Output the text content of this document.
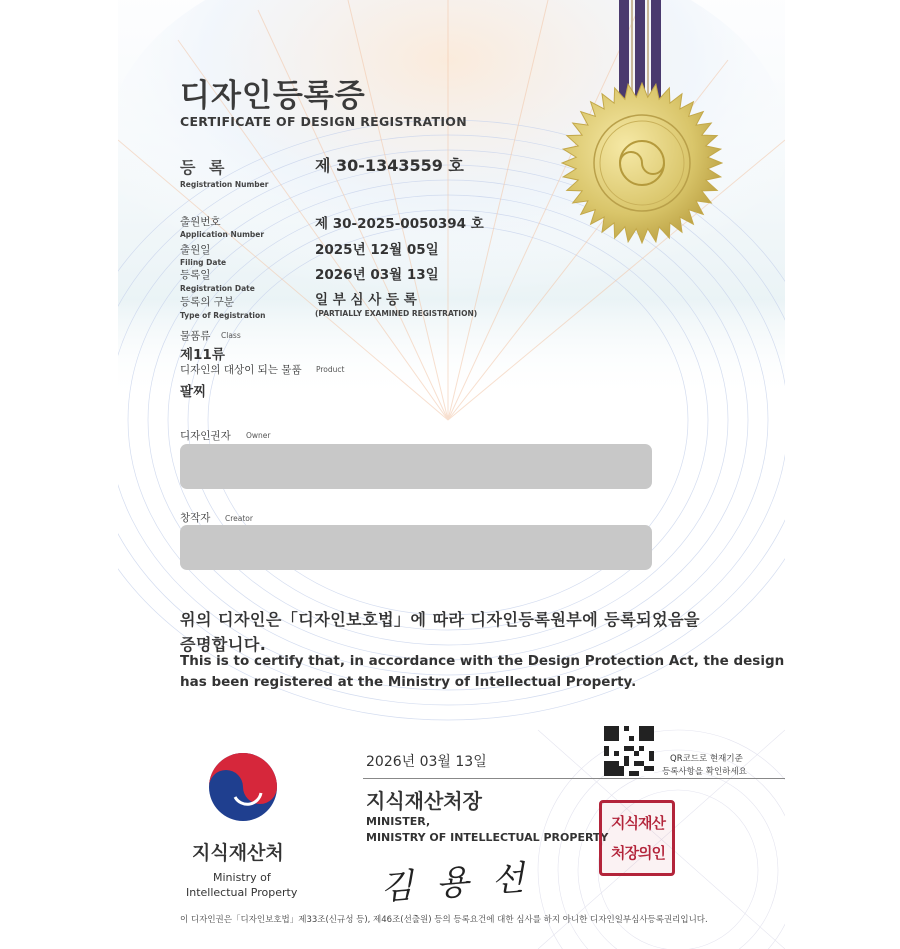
디자인등록증
CERTIFICATE OF DESIGN REGISTRATION
등 록
Registration Number
제 30-1343559 호
출원번호
Application Number
제 30-2025-0050394 호
출원일
Filing Date
2025년 12월 05일
등록일
Registration Date
2026년 03월 13일
등록의 구분
Type of Registration
일 부 심 사 등 록
(PARTIALLY EXAMINED REGISTRATION)
물품류 Class
제11류
디자인의 대상이 되는 물품 Product
팔찌
디자인권자 Owner
창작자 Creator
위의 디자인은「디자인보호법」에 따라 디자인등록원부에 등록되었음을
증명합니다.
This is to certify that, in accordance with the Design Protection Act, the design
has been registered at the Ministry of Intellectual Property.
지식재산처
Ministry of
Intellectual Property
2026년 03월 13일	QR코드로 현재기준
등록사항을 확인하세요
지식재산처장
MINISTER,
MINISTRY OF INTELLECTUAL PROPERTY
지식재산
처장의인
김 용 선
이 디자인권은「디자인보호법」제33조(신규성 등), 제46조(선출원) 등의 등록요건에 대한 심사를 하지 아니한 디자인일부심사등록권리입니다.
